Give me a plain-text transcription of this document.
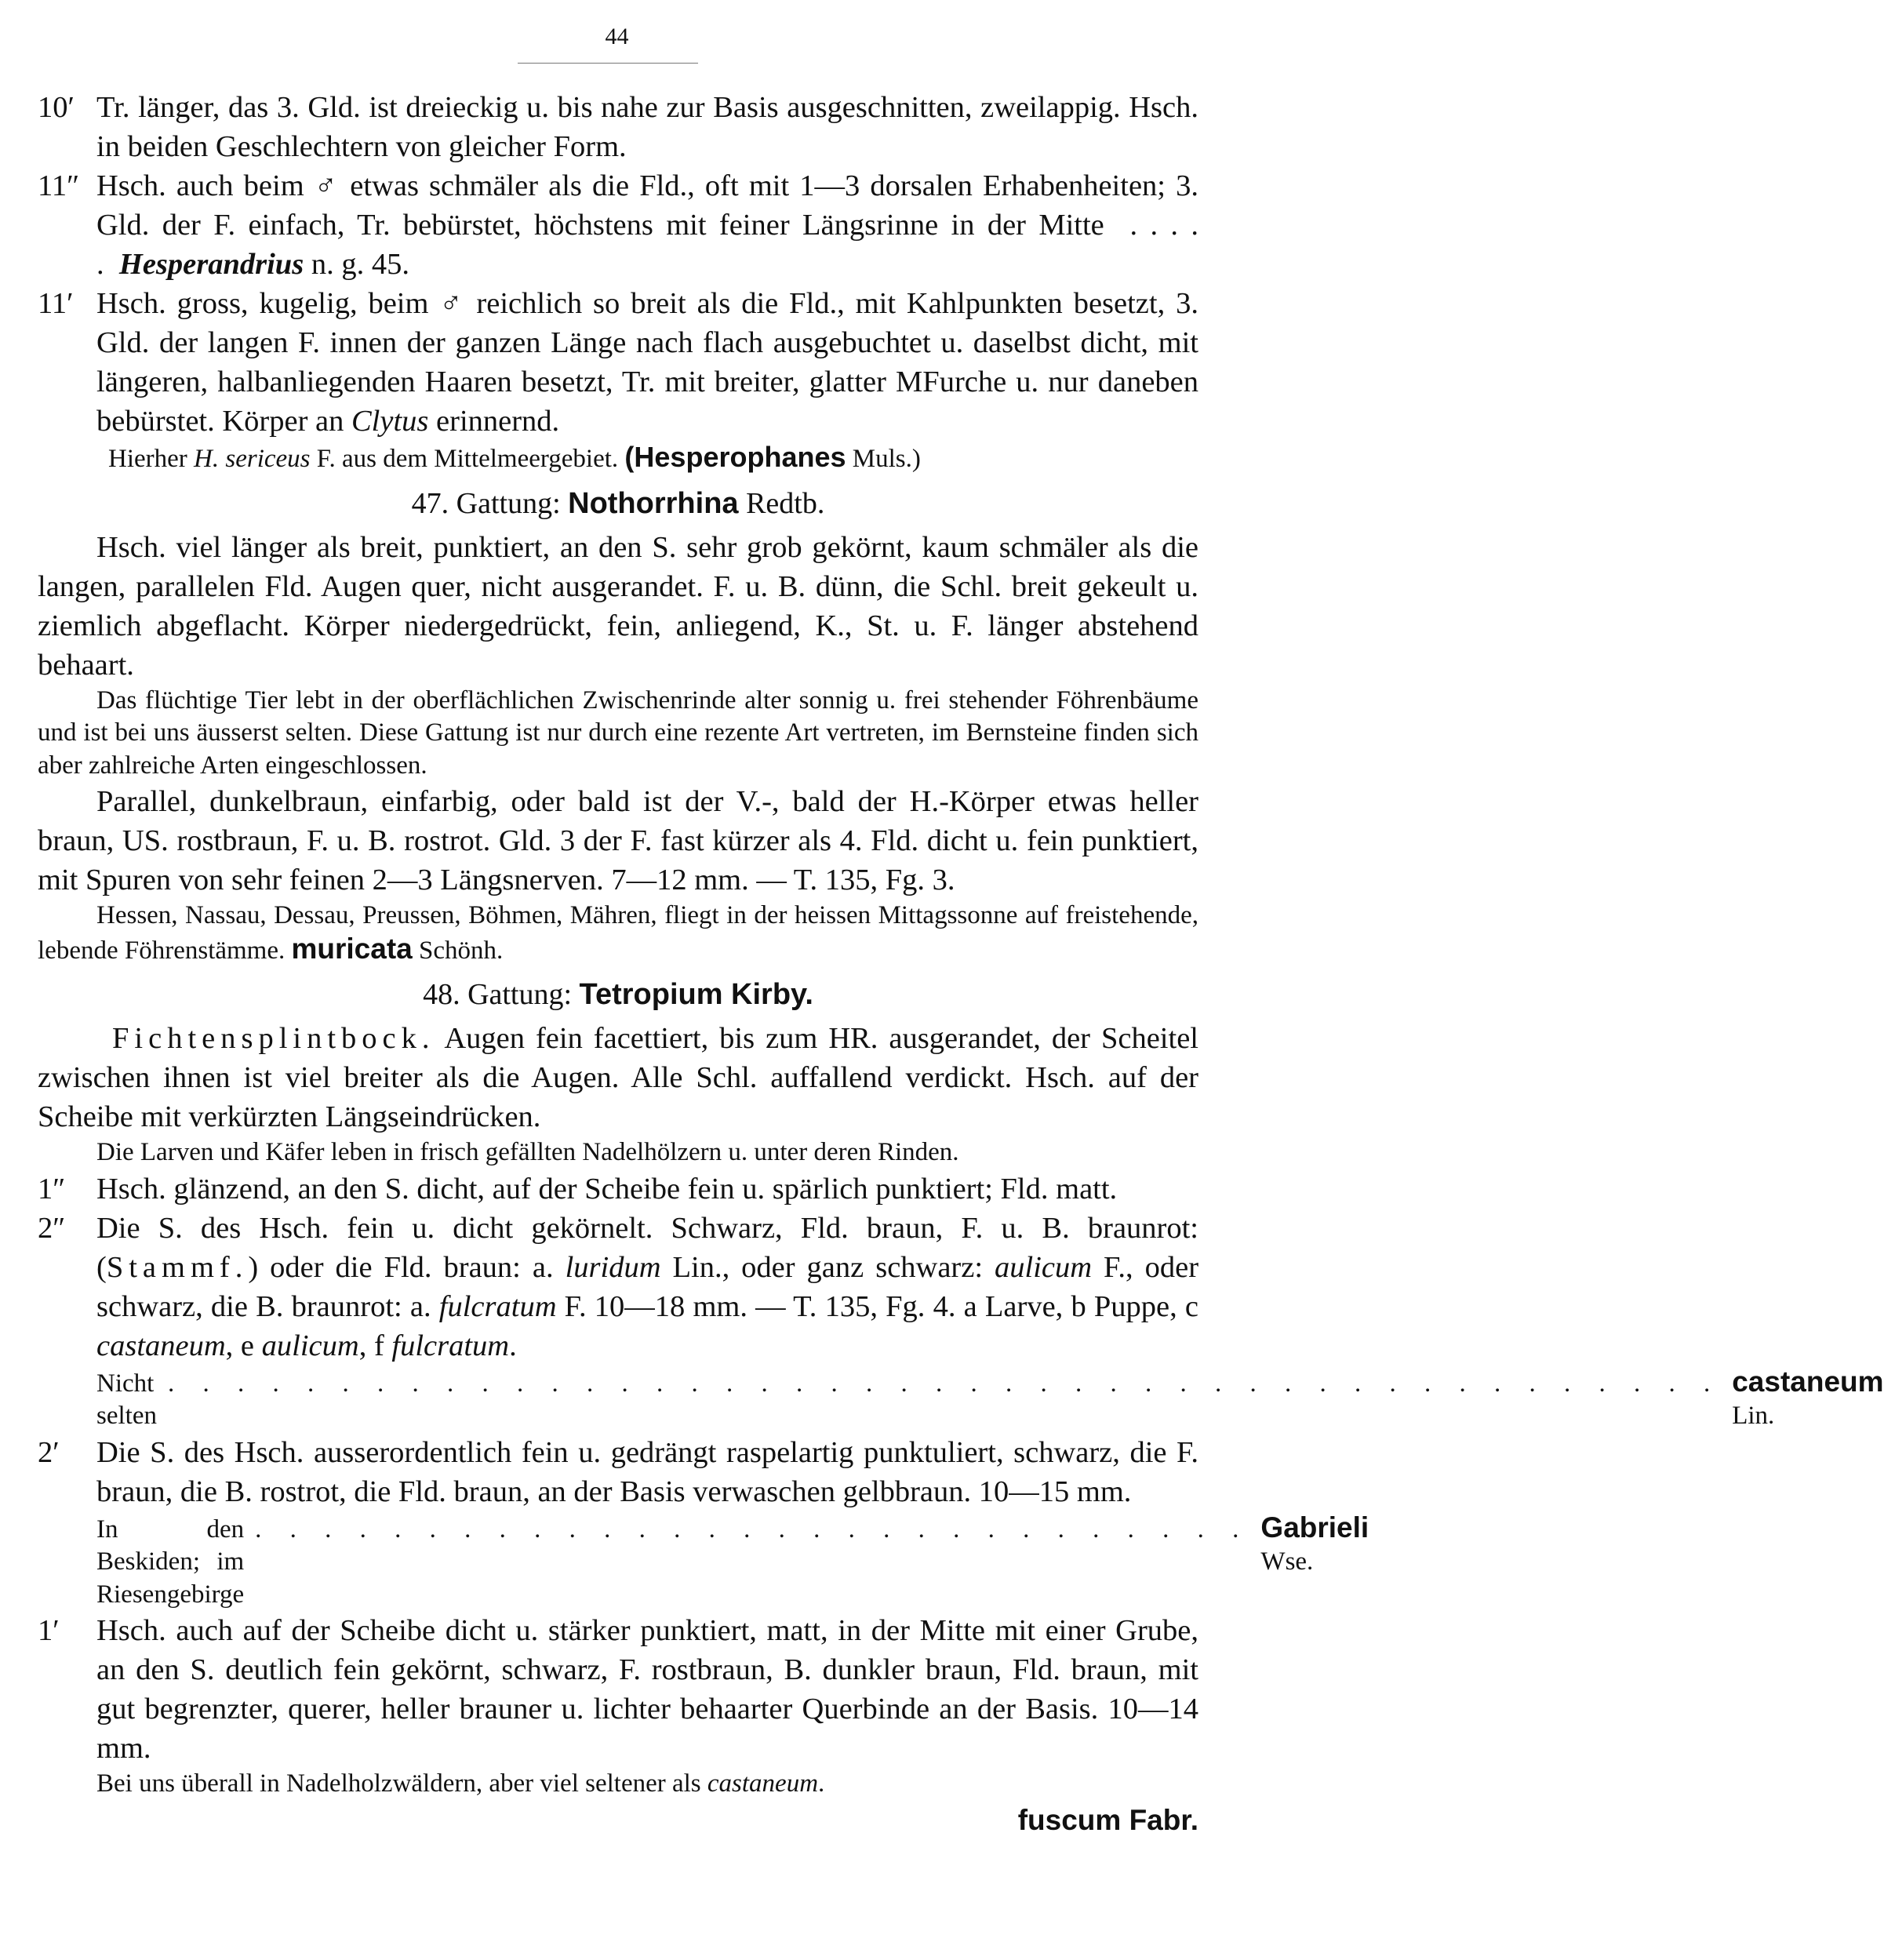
44

10′ Tr. länger, das 3. Gld. ist dreieckig u. bis nahe zur Basis ausgeschnitten, zweilappig. Hsch. in beiden Geschlechtern von gleicher Form.

11″ Hsch. auch beim ♂ etwas schmäler als die Fld., oft mit 1—3 dorsalen Erhabenheiten; 3. Gld. der F. einfach, Tr. bebürstet, höchstens mit feiner Längsrinne in der Mitte . . . . . Hesperandrius n. g. 45.

11′ Hsch. gross, kugelig, beim ♂ reichlich so breit als die Fld., mit Kahlpunkten besetzt, 3. Gld. der langen F. innen der ganzen Länge nach flach ausgebuchtet u. daselbst dicht, mit längeren, halbanliegenden Haaren besetzt, Tr. mit breiter, glatter MFurche u. nur daneben bebürstet. Körper an Clytus erinnernd.

Hierher H. sericeus F. aus dem Mittelmeergebiet. (Hesperophanes Muls.)

47. Gattung: Nothorrhina Redtb.

Hsch. viel länger als breit, punktiert, an den S. sehr grob gekörnt, kaum schmäler als die langen, parallelen Fld. Augen quer, nicht ausgerandet. F. u. B. dünn, die Schl. breit gekeult u. ziemlich abgeflacht. Körper niedergedrückt, fein, anliegend, K., St. u. F. länger abstehend behaart.

Das flüchtige Tier lebt in der oberflächlichen Zwischenrinde alter sonnig u. frei stehender Föhrenbäume und ist bei uns äusserst selten. Diese Gattung ist nur durch eine rezente Art vertreten, im Bernsteine finden sich aber zahlreiche Arten eingeschlossen.

Parallel, dunkelbraun, einfarbig, oder bald ist der V.-, bald der H.-Körper etwas heller braun, US. rostbraun, F. u. B. rostrot. Gld. 3 der F. fast kürzer als 4. Fld. dicht u. fein punktiert, mit Spuren von sehr feinen 2—3 Längsnerven. 7—12 mm. — T. 135, Fg. 3.

Hessen, Nassau, Dessau, Preussen, Böhmen, Mähren, fliegt in der heissen Mittagssonne auf freistehende, lebende Föhrenstämme. muricata Schönh.

48. Gattung: Tetropium Kirby.

Fichtensplintbock. Augen fein facettiert, bis zum HR. ausgerandet, der Scheitel zwischen ihnen ist viel breiter als die Augen. Alle Schl. auffallend verdickt. Hsch. auf der Scheibe mit verkürzten Längseindrücken.

Die Larven und Käfer leben in frisch gefällten Nadelhölzern u. unter deren Rinden.

1″ Hsch. glänzend, an den S. dicht, auf der Scheibe fein u. spärlich punktiert; Fld. matt.

2″ Die S. des Hsch. fein u. dicht gekörnelt. Schwarz, Fld. braun, F. u. B. braunrot: (Stammf.) oder die Fld. braun: a. luridum Lin., oder ganz schwarz: aulicum F., oder schwarz, die B. braunrot: a. fulcratum F. 10—18 mm. — T. 135, Fg. 4. a Larve, b Puppe, c castaneum, e aulicum, f fulcratum.

Nicht selten
. . . . . . . . . . . . . . . . . . . . . . . . . . . . . . . . . . . . . . . . . . . . . castaneum Lin.

2′ Die S. des Hsch. ausserordentlich fein u. gedrängt raspelartig punktuliert, schwarz, die F. braun, die B. rostrot, die Fld. braun, an der Basis verwaschen gelbbraun. 10—15 mm.

In den Beskiden; im Riesengebirge
. . . . . . . . . . . . . . . . . . . . . . . . . . . . . Gabrieli Wse.

1′ Hsch. auch auf der Scheibe dicht u. stärker punktiert, matt, in der Mitte mit einer Grube, an den S. deutlich fein gekörnt, schwarz, F. rostbraun, B. dunkler braun, Fld. braun, mit gut begrenzter, querer, heller brauner u. lichter behaarter Querbinde an der Basis. 10—14 mm.

Bei uns überall in Nadelholzwäldern, aber viel seltener als castaneum.

fuscum Fabr.
